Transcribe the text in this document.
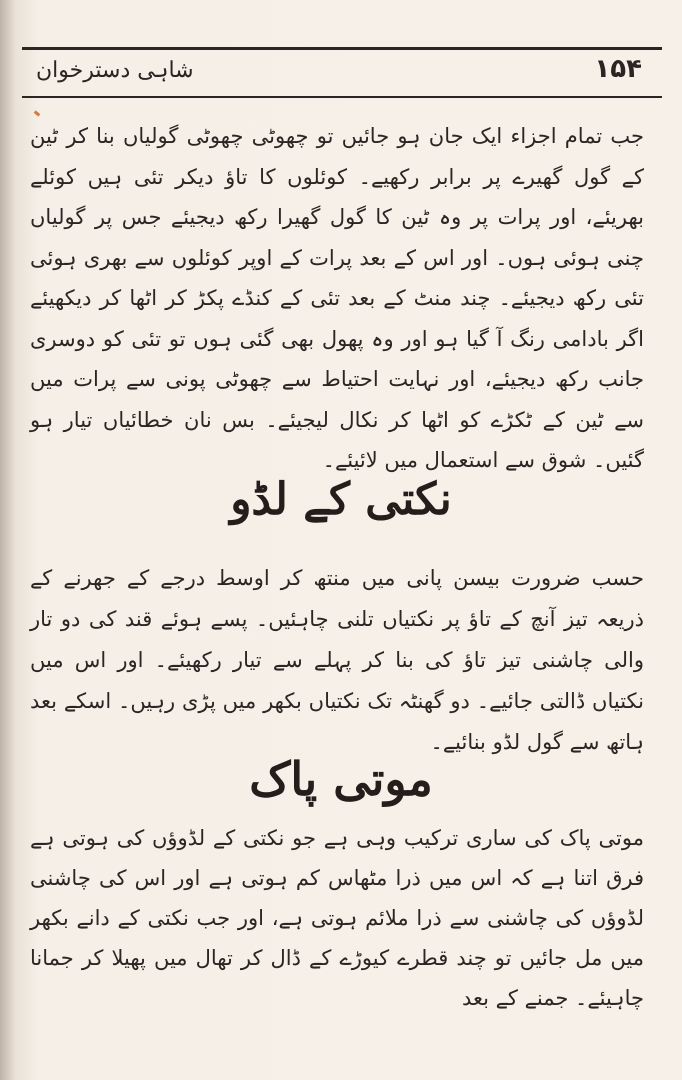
شاہی دسترخوان	۱۵۴
جب تمام اجزاء ایک جان ہو جائیں تو چھوٹی چھوٹی گولیاں بنا کر ٹین کے گول گھیرے پر برابر رکھیے۔ کوئلوں کا تاؤ دیکر تئی ہیں کوئلے بھریئے، اور پرات پر وہ ٹین کا گول گھیرا رکھ دیجیئے جس پر گولیاں چنی ہوئی ہوں۔ اور اس کے بعد پرات کے اوپر کوئلوں سے بھری ہوئی تئی رکھ دیجیئے۔ چند منٹ کے بعد تئی کے کنڈے پکڑ کر اٹھا کر دیکھیئے اگر بادامی رنگ آ گیا ہو اور وہ پھول بھی گئی ہوں تو تئی کو دوسری جانب رکھ دیجیئے، اور نہایت احتیاط سے چھوٹی پونی سے پرات میں سے ٹین کے ٹکڑے کو اٹھا کر نکال لیجیئے۔ بس نان خطائیاں تیار ہو گئیں۔ شوق سے استعمال میں لائیئے۔
نکتی کے لڈو
حسب ضرورت بیسن پانی میں منتھ کر اوسط درجے کے جھرنے کے ذریعہ تیز آنچ کے تاؤ پر نکتیاں تلنی چاہئیں۔ پسے ہوئے قند کی دو تار والی چاشنی تیز تاؤ کی بنا کر پہلے سے تیار رکھیئے۔ اور اس میں نکتیاں ڈالتی جائیے۔ دو گھنٹہ تک نکتیاں بکھر میں پڑی رہیں۔ اسکے بعد ہاتھ سے گول لڈو بنائیے۔
موتی پاک
موتی پاک کی ساری ترکیب وہی ہے جو نکتی کے لڈوؤں کی ہوتی ہے فرق اتنا ہے کہ اس میں ذرا مٹھاس کم ہوتی ہے اور اس کی چاشنی لڈوؤں کی چاشنی سے ذرا ملائم ہوتی ہے، اور جب نکتی کے دانے بکھر میں مل جائیں تو چند قطرے کیوڑے کے ڈال کر تھال میں پھیلا کر جمانا چاہیئے۔ جمنے کے بعد
